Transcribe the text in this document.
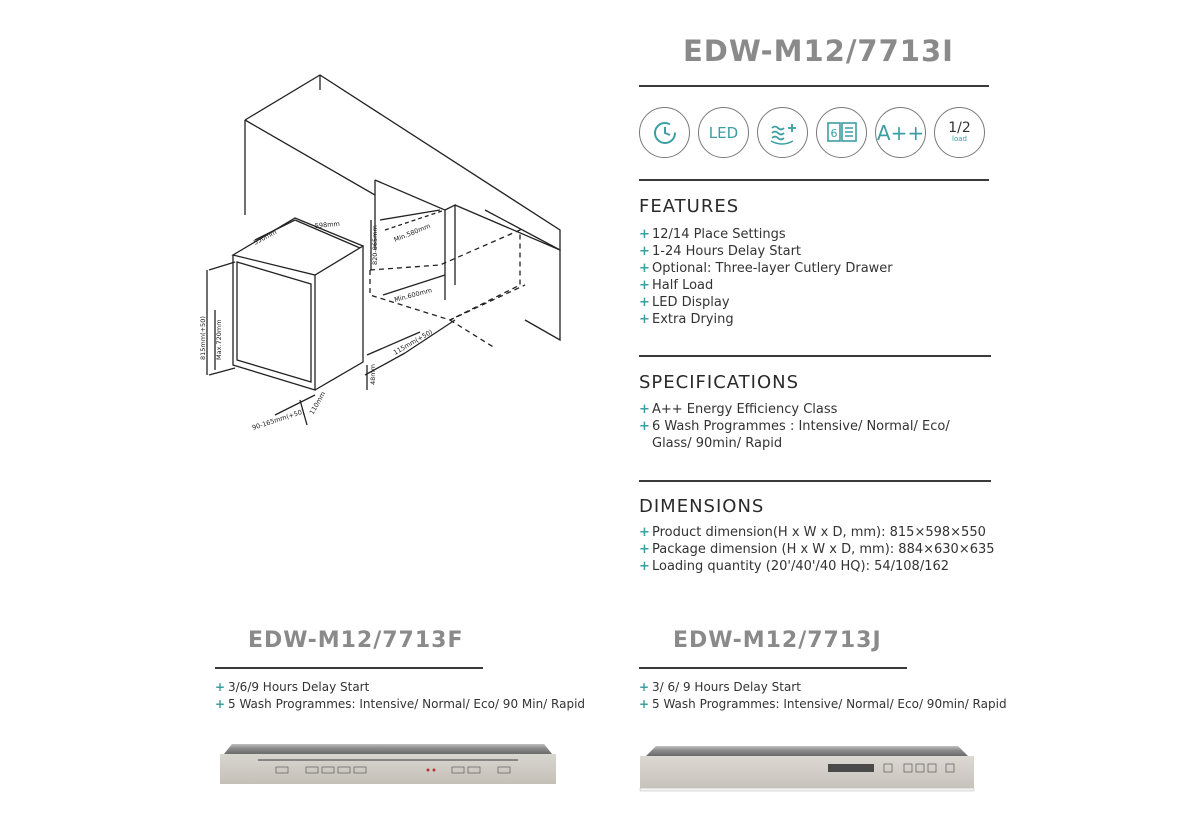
598mm
550mm	820-865mm Min.580mm
Min.600mm
815mm(+50) Max.720mm	115mm(+50)
48mm
90-165mm(+50)
110mm
EDW-M12/7713I
LED	6 A++ 1/2
load
FEATURES
+ 12/14 Place Settings
+ 1-24 Hours Delay Start
+ Optional: Three-layer Cutlery Drawer
+ Half Load
+ LED Display
+ Extra Drying
SPECIFICATIONS
+ A++ Energy Efficiency Class
+ 6 Wash Programmes : Intensive/ Normal/ Eco/
Glass/ 90min/ Rapid
DIMENSIONS
+ Product dimension(H x W x D, mm): 815×598×550
+ Package dimension (H x W x D, mm): 884×630×635
+ Loading quantity (20'/40'/40 HQ): 54/108/162
EDW-M12/7713F
+ 3/6/9 Hours Delay Start
+ 5 Wash Programmes: Intensive/ Normal/ Eco/ 90 Min/ Rapid
EDW-M12/7713J
+ 3/ 6/ 9 Hours Delay Start
+ 5 Wash Programmes: Intensive/ Normal/ Eco/ 90min/ Rapid
